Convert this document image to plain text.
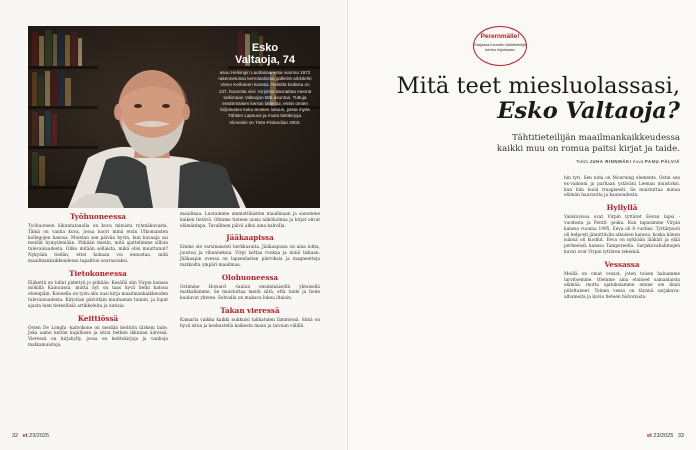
Esko
Valtaoja, 74
asuu Helsingin Lauttasaaressa vuonna 1972 rakennetussa kerrostalossa gallerist-arkkitehti Vieno Keihanen kanssa. Neliöitä kodissa on 137, huoneita viisi. Kirjoista kannattaa mennä tutkimaan Valtaojan tätä asuntoa. Tuttuja ensimmäisen kerran tallentui, ensin omien kirjoitusten koko teosten lukuun, joista myös Tähtien Lapsuus ja muita tietokirjoja. Viimeisin on Tieto-Finlandian 2003.
Työhuoneessa

Työhuoneen liikuntatauolla on kuva minusta ryhmäkuvasta. Tämä on vanha kuva, jossa nuori minä etsin Ulkomaisten kollegojen kanssa. Muistan sen päivän hyvin, kun kuvaaja sai meidät hymyilemään. Pitkään mietin, mitä ajattelimme silloin tulevaisuudesta. Oliko mitään sellaista, mikä olisi muuttunut? Nykyään tiedän, ettei kukaan voi ennustaa, mitä maailmankaikkeudessa tapahtuu seuraavaksi.

Tietokoneessa

Eläkettä on tullut pidettyä jo pitkään. Kesällä olin Virpin kanssa mökillä Kainuussa, mutta nyt on taas hyvä hetki katsoa eteenpäin. Koneella on työn alla uusi kirja maailmankaikkeuden tulevaisuudesta. Kirjoitan päivittäin muutaman tunnin, ja loput ajasta luen tieteellisiä artikkeleita ja uutisia.

Keittiössä

Osten De Longhi -kahvikone on meidän keittiön tärkein laite. Joka aamu keitän kupillisen ja istun hetken ikkunan ääressä. Vieressä on kirjahylly, jossa on keittokirjoja ja vanhoja matkamuistoja.

maailmaa. Luotaimme ammattilaisten maailmaan ja sanomme kaiken tietävä. Olimme tieteen uusia näkökulmia ja kirjat olivat elämäntapa. Tavallinen päivä alkoi aina kahvilla.

Jääkaapissa

Emme ole varsinaisesti herkkusuita. Jääkaapissa on aina lohta, juustoa ja vihanneksia. Virpi laittaa ruokaa ja minä tiskaan. Jääkaapin ovessa on lapsenlasten piirroksia ja magneetteja matkoilta ympäri maailmaa.

Olohuoneessa

Ostimme Howard -taulun ensimmäisellä yhteisellä matkallamme. Se muistuttaa meitä siitä, että taide ja tiede kuuluvat yhteen. Sohvalla on mukava lukea iltaisin.

Takan vieressä

Kamaria vaikka kaikki nukkuisi takkatulen lämmössä. Siinä on hyvä istua ja keskustella kaikesta maan ja taivaan välillä.

32 et 23/2025
Perernmälle!
Sarjassa tunnettu tähtitieteilijä kertoo kirjoistaan
Mitä teet miesluolassasi,
Esko Valtaoja?
Tähtitieteilijän maailmankaikkeudessa
kaikki muu on romua paitsi kirjat ja taide.
Teksti JUHA RINNMÄKI Kuva PANU PÄLVIÄ

bin tyri. Sen nimi on Mourning elements. Ostin sen ex-vaimoni ja parhaan ystäväni Leenan muistoksi, kun hän kuoli traagisesti. Se muistuttaa minua elämän haurautta ja kauneudesta.

Hyllyllä

Valokuvissa ovat Virpin tyttäret Eevan lapsi -vuodesta ja Pentti -poika. Kun tapasimme Virpin kanssa vuonna 1995, Eeva oli 8 vuotias. Tyttärpuoli oli helposti jännittävän aikuisen kanssa, koska hänen isänsä oli kuollut. Eeva on nykyään lääkäri ja elää perheensä kanssa Tampereella. Sarjakuvahahmojen kuvat ovat Virpin tyttären tekemiä.

Vessassa

Meillä on omat vessat, joten toisen haluamme tarvitsemme. Olemme aina etsineet samanlaista elämää, mutta ajatuksiamme emme ole ikinä piilottaneet. Toinen vessa on täynnä sarjakuva-albumeita ja kuvia tieteen historiasta.

et 23/2025 33
